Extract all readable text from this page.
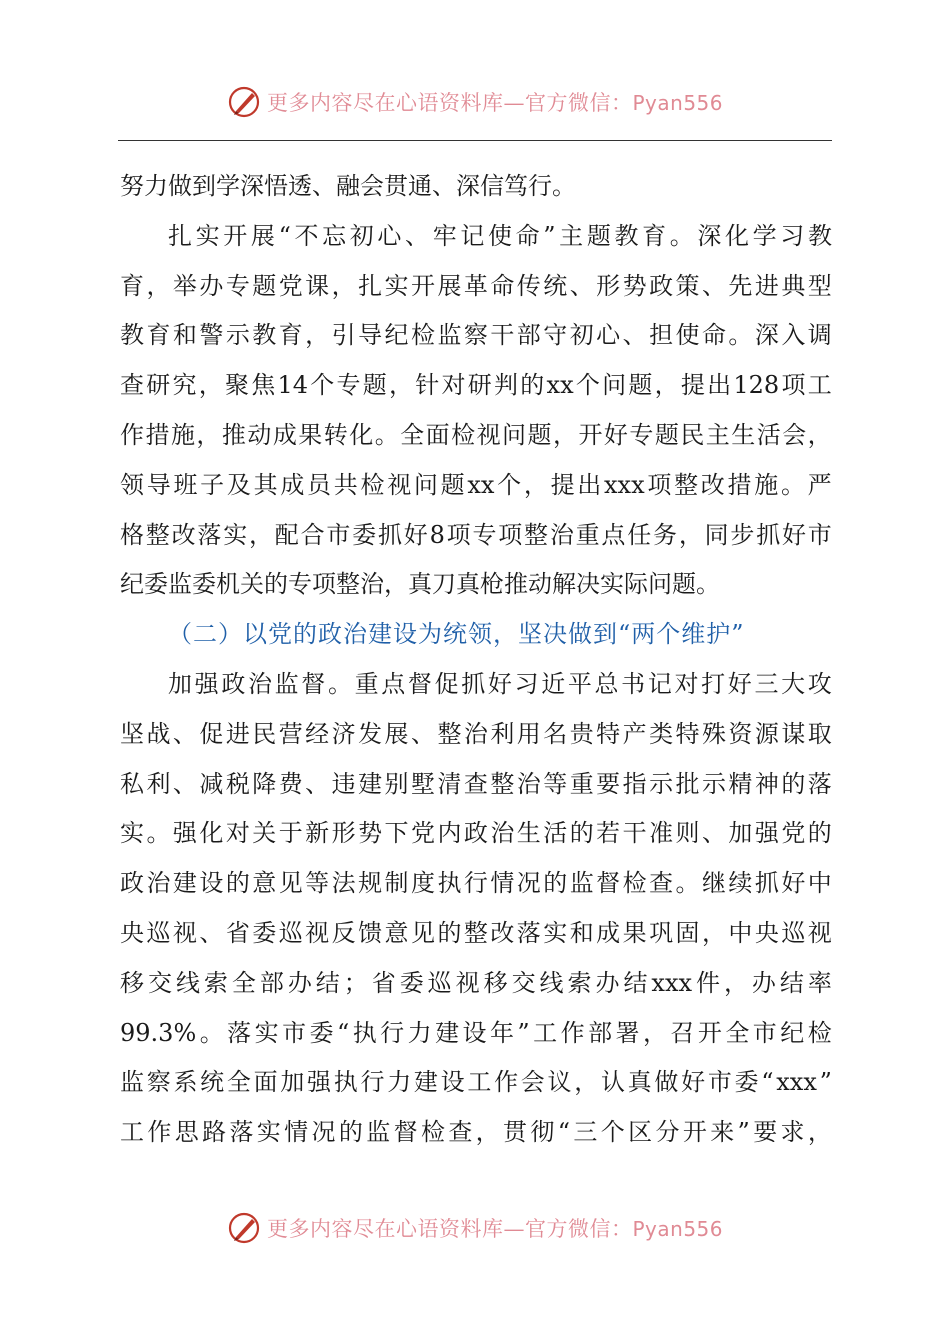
更多内容尽在心语资料库—官方微信：Pyan556
努力做到学深悟透、融会贯通、深信笃行。
扎 实 开 展 “ 不 忘 初 心 、 牢 记 使 命 ” 主 题 教 育 。 深 化 学 习 教
育 ， 举 办 专 题 党 课 ， 扎 实 开 展 革 命 传 统 、 形 势 政 策 、 先 进 典 型
教 育 和 警 示 教 育 ， 引 导 纪 检 监 察 干 部 守 初 心 、 担 使 命 。 深 入 调
查 研 究 ， 聚 焦 14 个 专 题 ， 针 对 研 判 的 xx 个 问 题 ， 提 出 128 项 工
作 措 施 ， 推 动 成 果 转 化 。 全 面 检 视 问 题 ， 开 好 专 题 民 主 生 活 会 ，
领 导 班 子 及 其 成 员 共 检 视 问 题 xx 个 ， 提 出 xxx 项 整 改 措 施 。 严
格 整 改 落 实 ， 配 合 市 委 抓 好 8 项 专 项 整 治 重 点 任 务 ， 同 步 抓 好 市
纪委监委机关的专项整治，真刀真枪推动解决实际问题。
（二）以党的政治建设为统领，坚决做到“两个维护”
加 强 政 治 监 督 。 重 点 督 促 抓 好 习 近 平 总 书 记 对 打 好 三 大 攻
坚 战 、 促 进 民 营 经 济 发 展 、 整 治 利 用 名 贵 特 产 类 特 殊 资 源 谋 取
私 利 、 减 税 降 费 、 违 建 别 墅 清 查 整 治 等 重 要 指 示 批 示 精 神 的 落
实 。 强 化 对 关 于 新 形 势 下 党 内 政 治 生 活 的 若 干 准 则 、 加 强 党 的
政 治 建 设 的 意 见 等 法 规 制 度 执 行 情 况 的 监 督 检 查 。 继 续 抓 好 中
央 巡 视 、 省 委 巡 视 反 馈 意 见 的 整 改 落 实 和 成 果 巩 固 ， 中 央 巡 视
移 交 线 索 全 部 办 结 ； 省 委 巡 视 移 交 线 索 办 结 xxx 件 ， 办 结 率
99.3% 。 落 实 市 委 “ 执 行 力 建 设 年 ” 工 作 部 署 ， 召 开 全 市 纪 检
监 察 系 统 全 面 加 强 执 行 力 建 设 工 作 会 议 ， 认 真 做 好 市 委 “ xxx ”
工 作 思 路 落 实 情 况 的 监 督 检 查 ， 贯 彻 “ 三 个 区 分 开 来 ” 要 求 ，
更多内容尽在心语资料库—官方微信：Pyan556
